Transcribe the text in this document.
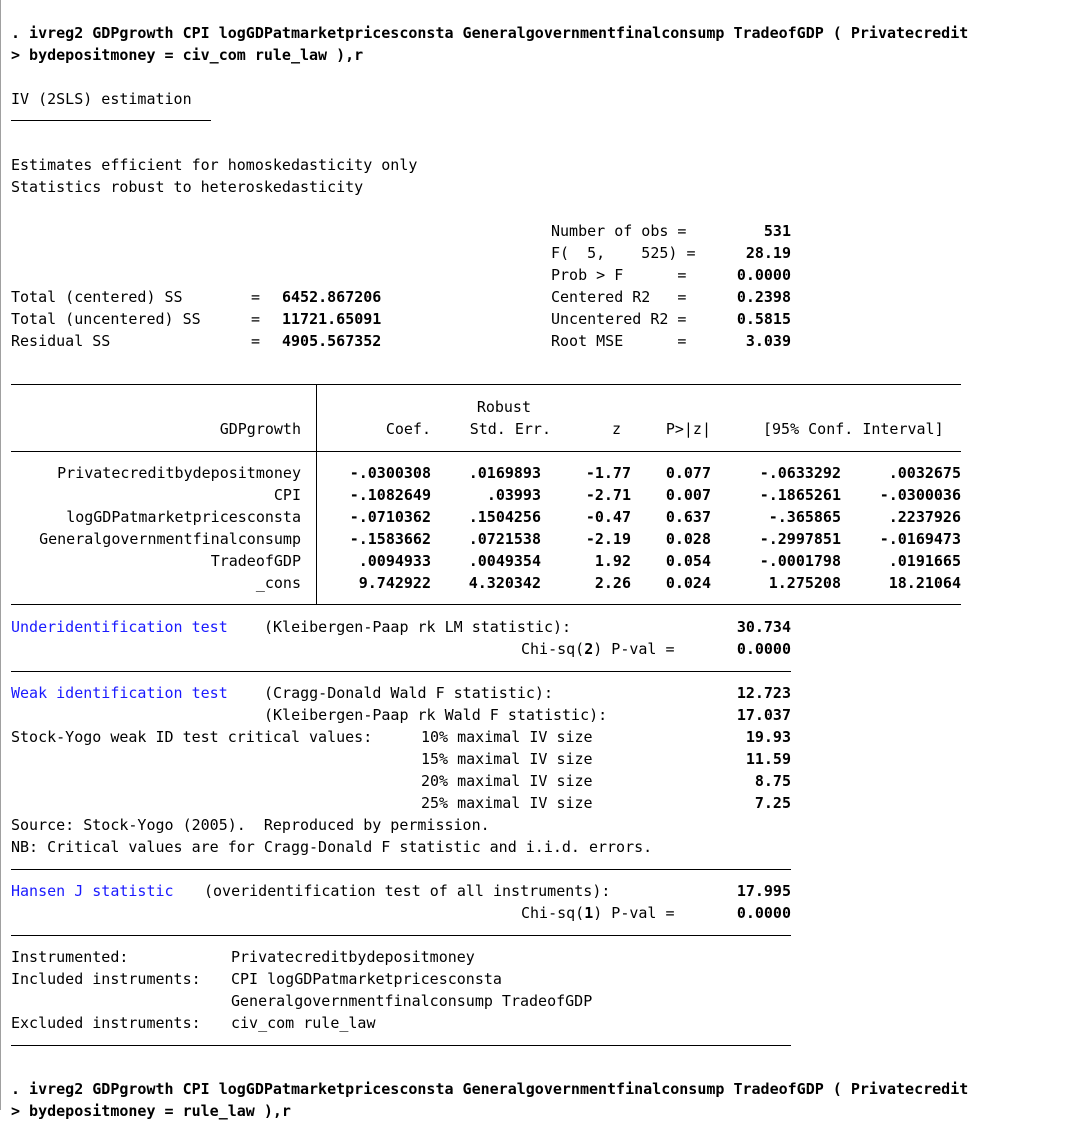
. ivreg2 GDPgrowth CPI logGDPatmarketpricesconsta Generalgovernmentfinalconsump TradeofGDP ( Privatecredit
> bydepositmoney = civ_com rule_law ),r
IV (2SLS) estimation
Estimates efficient for homoskedasticity only
Statistics robust to heteroskedasticity
Number of obs =	531
F(  5,    525) =	28.19
Prob > F      =	0.0000
Centered R2   =	0.2398
Uncentered R2 =	0.5815
Root MSE      =	3.039
Total (centered) SS	= 6452.867206
Total (uncentered) SS	= 11721.65091
Residual SS	= 4905.567352
Robust
GDPgrowth	Coef.	Std. Err.	z	P>|z|	[95% Conf. Interval]
Privatecreditbydepositmoney	-.0300308	.0169893	-1.77	0.077	-.0633292	.0032675
CPI	-.1082649	.03993	-2.71	0.007	-.1865261	-.0300036
logGDPatmarketpricesconsta	-.0710362	.1504256	-0.47	0.637	-.365865	.2237926
Generalgovernmentfinalconsump	-.1583662	.0721538	-2.19	0.028	-.2997851	-.0169473
TradeofGDP	.0094933	.0049354	1.92	0.054	-.0001798	.0191665
_cons	9.742922	4.320342	2.26	0.024	1.275208	18.21064
Underidentification test (Kleibergen-Paap rk LM statistic):	30.734
Chi-sq(2) P-val =	0.0000
Weak identification test (Cragg-Donald Wald F statistic):	12.723
(Kleibergen-Paap rk Wald F statistic):	17.037
Stock-Yogo weak ID test critical values:	10% maximal IV size	19.93
15% maximal IV size	11.59
20% maximal IV size	8.75
25% maximal IV size	7.25
Source: Stock-Yogo (2005).  Reproduced by permission.
NB: Critical values are for Cragg-Donald F statistic and i.i.d. errors.
Hansen J statistic (overidentification test of all instruments):	17.995
Chi-sq(1) P-val =	0.0000
Instrumented:	Privatecreditbydepositmoney
Included instruments: CPI logGDPatmarketpricesconsta
Generalgovernmentfinalconsump TradeofGDP
Excluded instruments: civ_com rule_law
. ivreg2 GDPgrowth CPI logGDPatmarketpricesconsta Generalgovernmentfinalconsump TradeofGDP ( Privatecredit
> bydepositmoney = rule_law ),r
